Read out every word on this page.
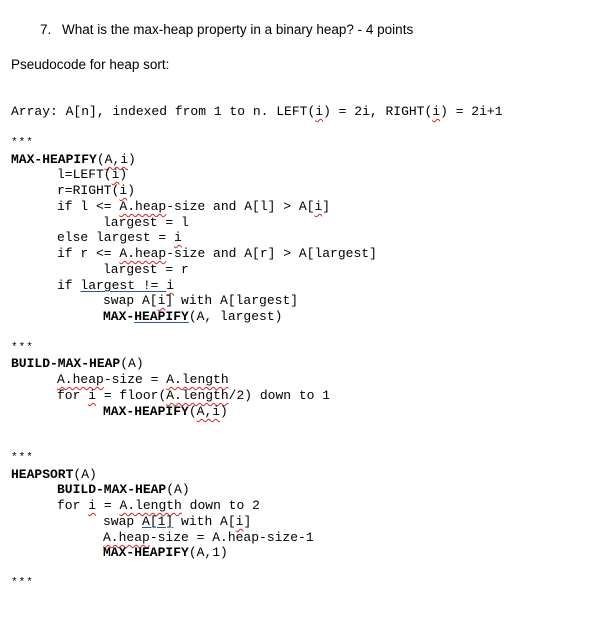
7. What is the max-heap property in a binary heap? - 4 points
Pseudocode for heap sort:
Array: A[n], indexed from 1 to n. LEFT(i) = 2i, RIGHT(i) = 2i+1
***
MAX-HEAPIFY(A,i)
l=LEFT(i)
r=RIGHT(i)
if l <= A.heap-size and A[l] > A[i]
largest = l
else largest = i
if r <= A.heap-size and A[r] > A[largest]
largest = r
if largest != i
swap A[i] with A[largest]
MAX-HEAPIFY(A, largest)
***
BUILD-MAX-HEAP(A)
A.heap-size = A.length
for i = floor(A.length/2) down to 1
MAX-HEAPIFY(A,i)
***
HEAPSORT(A)
BUILD-MAX-HEAP(A)
for i = A.length down to 2
swap A[1] with A[i]
A.heap-size = A.heap-size-1
MAX-HEAPIFY(A,1)
***
